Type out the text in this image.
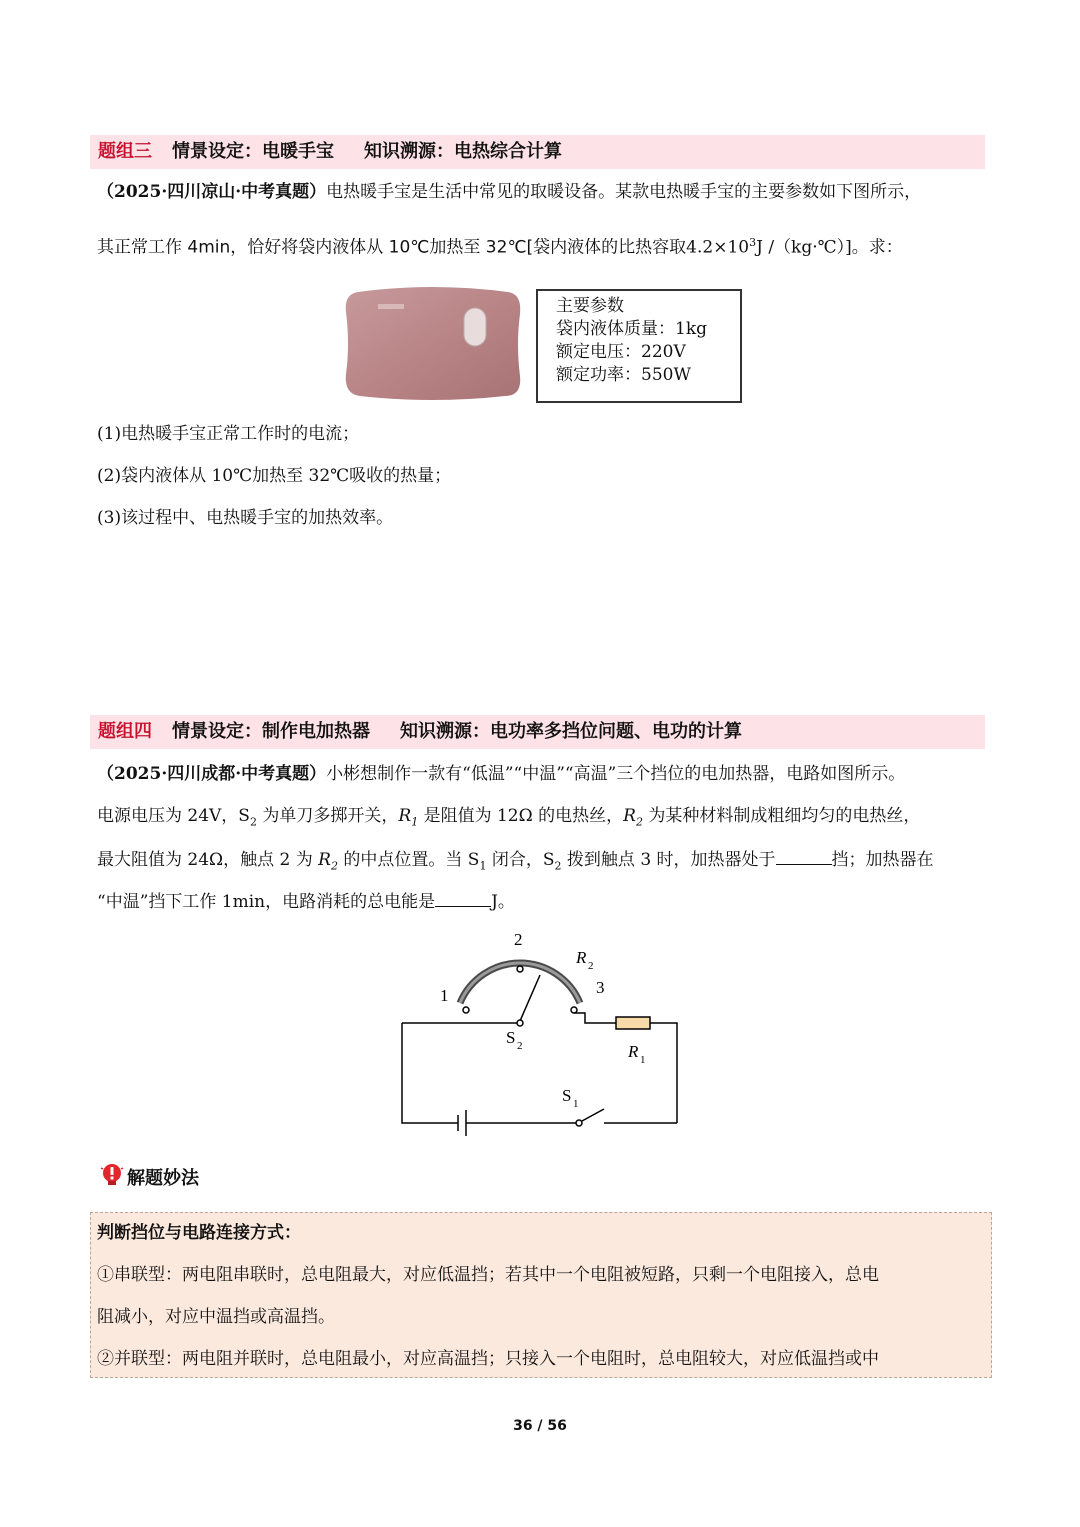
题组三 情景设定：电暖手宝 知识溯源：电热综合计算
（2025·四川凉山·中考真题）电热暖手宝是生活中常见的取暖设备。某款电热暖手宝的主要参数如下图所示，
其正常工作 4min，恰好将袋内液体从 10℃加热至 32℃[袋内液体的比热容取$4.2\times 10^3J$ /（kg·℃）]。求：
主要参数
袋内液体质量：1kg
额定电压：220V
额定功率：550W
(1)电热暖手宝正常工作时的电流；
(2)袋内液体从 10℃加热至 32℃吸收的热量；
(3)该过程中、电热暖手宝的加热效率。
题组四 情景设定：制作电加热器 知识溯源：电功率多挡位问题、电功的计算
（2025·四川成都·中考真题）小彬想制作一款有“低温”“中温”“高温”三个挡位的电加热器，电路如图所示。
电源电压为 24V，$S_2$ 为单刀多掷开关，$R_1$ 是阻值为 12Ω 的电热丝，$R_2$ 为某种材料制成粗细均匀的电热丝，
最大阻值为 24Ω，触点 2 为 $R_2$ 的中点位置。当 $S_1$ 闭合，$S_2$ 拨到触点 3 时，加热器处于	挡；加热器在
“中温”挡下工作 1min，电路消耗的总电能是	J。
1
2
3
R 2
R 1
S 2
S 1
解题妙法
判断挡位与电路连接方式：
①串联型：两电阻串联时，总电阻最大，对应低温挡；若其中一个电阻被短路，只剩一个电阻接入，总电
阻减小，对应中温挡或高温挡。
②并联型：两电阻并联时，总电阻最小，对应高温挡；只接入一个电阻时，总电阻较大，对应低温挡或中
36 / 56
